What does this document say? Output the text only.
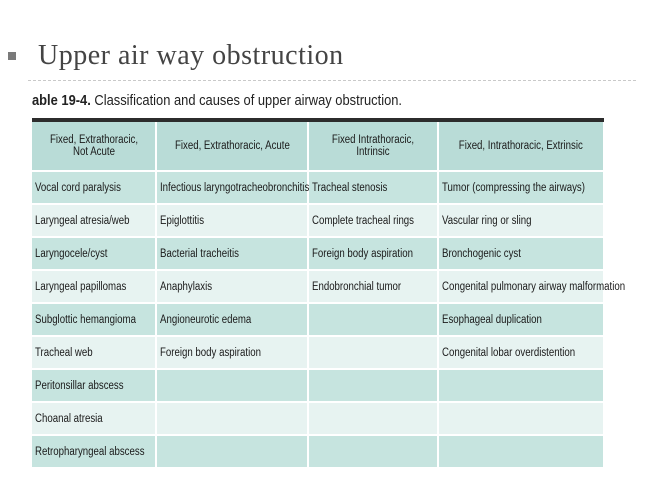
Upper air way obstruction
able 19-4. Classification and causes of upper airway obstruction.
Fixed, Extrathoracic, Not Acute	Fixed, Extrathoracic, Acute	Fixed Intrathoracic, Intrinsic	Fixed, Intrathoracic, Extrinsic
Vocal cord paralysis	Infectious laryngotracheobronchitis	Tracheal stenosis	Tumor (compressing the airways)
Laryngeal atresia/web	Epiglottitis	Complete tracheal rings	Vascular ring or sling
Laryngocele/cyst	Bacterial tracheitis	Foreign body aspiration	Bronchogenic cyst
Laryngeal papillomas	Anaphylaxis	Endobronchial tumor	Congenital pulmonary airway malformation
Subglottic hemangioma	Angioneurotic edema		Esophageal duplication
Tracheal web	Foreign body aspiration		Congenital lobar overdistention
Peritonsillar abscess			
Choanal atresia			
Retropharyngeal abscess			
